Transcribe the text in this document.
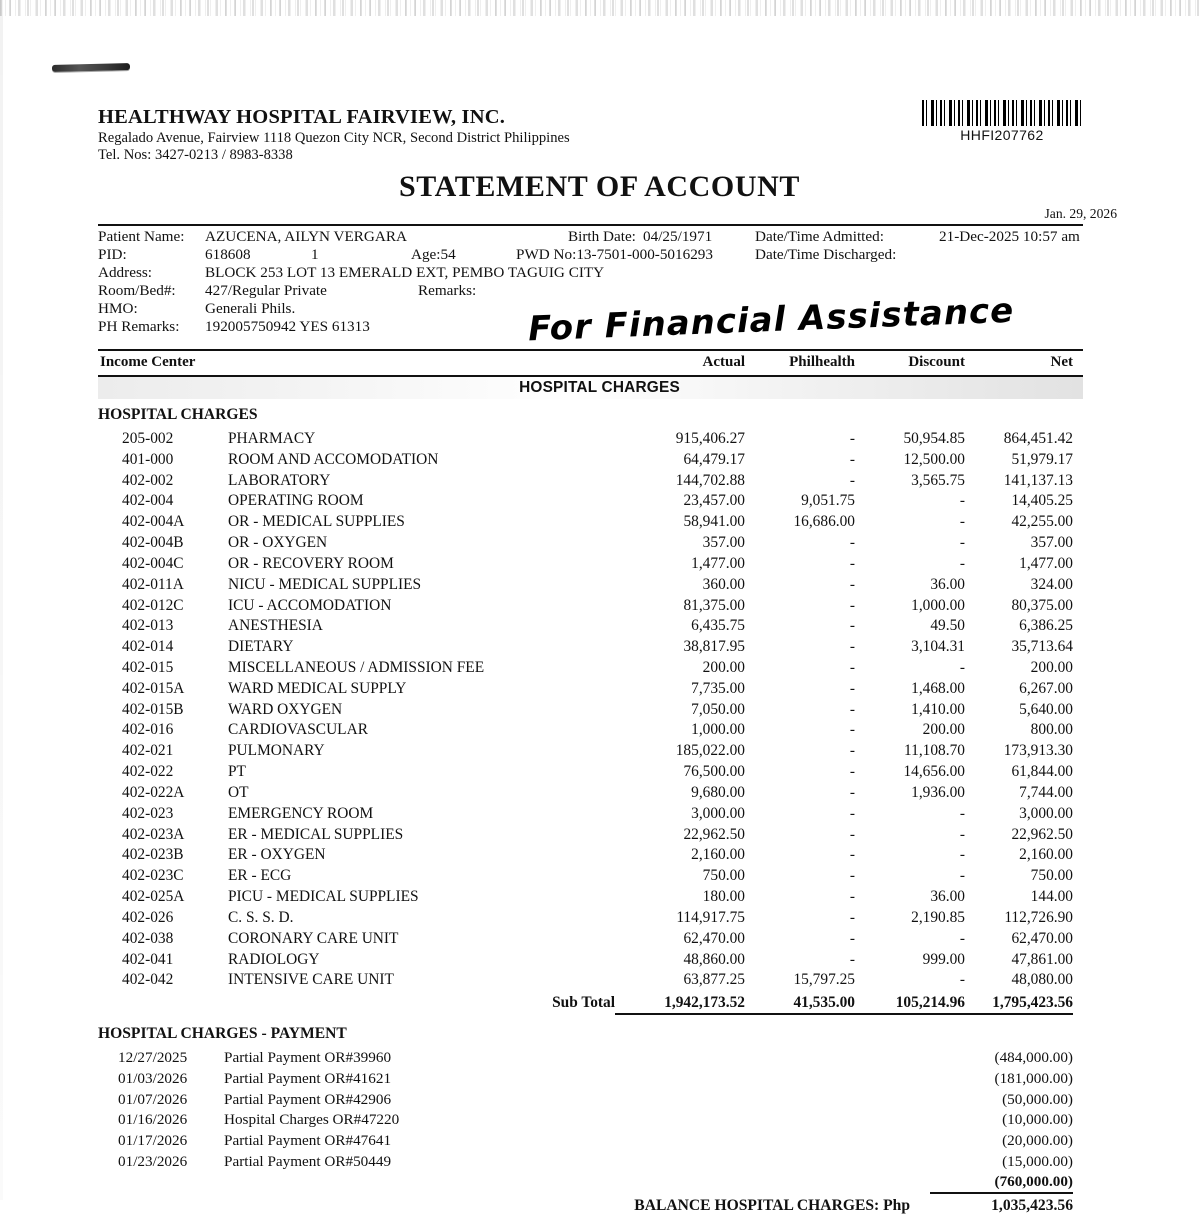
HEALTHWAY HOSPITAL FAIRVIEW, INC.
Regalado Avenue, Fairview 1118 Quezon City NCR, Second District Philippines
Tel. Nos: 3427-0213 / 8983-8338
HHFI207762
STATEMENT OF ACCOUNT
Jan. 29, 2026
Patient Name: AZUCENA, AILYN VERGARA	Birth Date: 04/25/1971	Date/Time Admitted:	21-Dec-2025 10:57 am
PID:	618608	1	Age:54	PWD No:13-7501-000-5016293	Date/Time Discharged:
Address:	BLOCK 253 LOT 13 EMERALD EXT, PEMBO TAGUIG CITY
Room/Bed#: 427/Regular Private	Remarks:
HMO:	Generali Phils.
PH Remarks: 192005750942 YES 61313	For Financial Assistance
Income Center	Actual	Philhealth	Discount	Net
HOSPITAL CHARGES
HOSPITAL CHARGES
205-002	PHARMACY	915,406.27	-	50,954.85	864,451.42
401-000	ROOM AND ACCOMODATION	64,479.17	-	12,500.00	51,979.17
402-002	LABORATORY	144,702.88	-	3,565.75	141,137.13
402-004	OPERATING ROOM	23,457.00	9,051.75	-	14,405.25
402-004A	OR - MEDICAL SUPPLIES	58,941.00	16,686.00	-	42,255.00
402-004B	OR - OXYGEN	357.00	-	-	357.00
402-004C	OR - RECOVERY ROOM	1,477.00	-	-	1,477.00
402-011A	NICU - MEDICAL SUPPLIES	360.00	-	36.00	324.00
402-012C	ICU - ACCOMODATION	81,375.00	-	1,000.00	80,375.00
402-013	ANESTHESIA	6,435.75	-	49.50	6,386.25
402-014	DIETARY	38,817.95	-	3,104.31	35,713.64
402-015	MISCELLANEOUS / ADMISSION FEE	200.00	-	-	200.00
402-015A	WARD MEDICAL SUPPLY	7,735.00	-	1,468.00	6,267.00
402-015B	WARD OXYGEN	7,050.00	-	1,410.00	5,640.00
402-016	CARDIOVASCULAR	1,000.00	-	200.00	800.00
402-021	PULMONARY	185,022.00	-	11,108.70	173,913.30
402-022	PT	76,500.00	-	14,656.00	61,844.00
402-022A	OT	9,680.00	-	1,936.00	7,744.00
402-023	EMERGENCY ROOM	3,000.00	-	-	3,000.00
402-023A	ER - MEDICAL SUPPLIES	22,962.50	-	-	22,962.50
402-023B	ER - OXYGEN	2,160.00	-	-	2,160.00
402-023C	ER - ECG	750.00	-	-	750.00
402-025A	PICU - MEDICAL SUPPLIES	180.00	-	36.00	144.00
402-026	C. S. S. D.	114,917.75	-	2,190.85	112,726.90
402-038	CORONARY CARE UNIT	62,470.00	-	-	62,470.00
402-041	RADIOLOGY	48,860.00	-	999.00	47,861.00
402-042	INTENSIVE CARE UNIT	63,877.25	15,797.25	-	48,080.00
Sub Total	1,942,173.52	41,535.00	105,214.96	1,795,423.56
HOSPITAL CHARGES - PAYMENT
12/27/2025 Partial Payment OR#39960	(484,000.00)
01/03/2026 Partial Payment OR#41621	(181,000.00)
01/07/2026 Partial Payment OR#42906	(50,000.00)
01/16/2026 Hospital Charges OR#47220	(10,000.00)
01/17/2026 Partial Payment OR#47641	(20,000.00)
01/23/2026 Partial Payment OR#50449	(15,000.00)
(760,000.00)
BALANCE HOSPITAL CHARGES: Php	1,035,423.56
